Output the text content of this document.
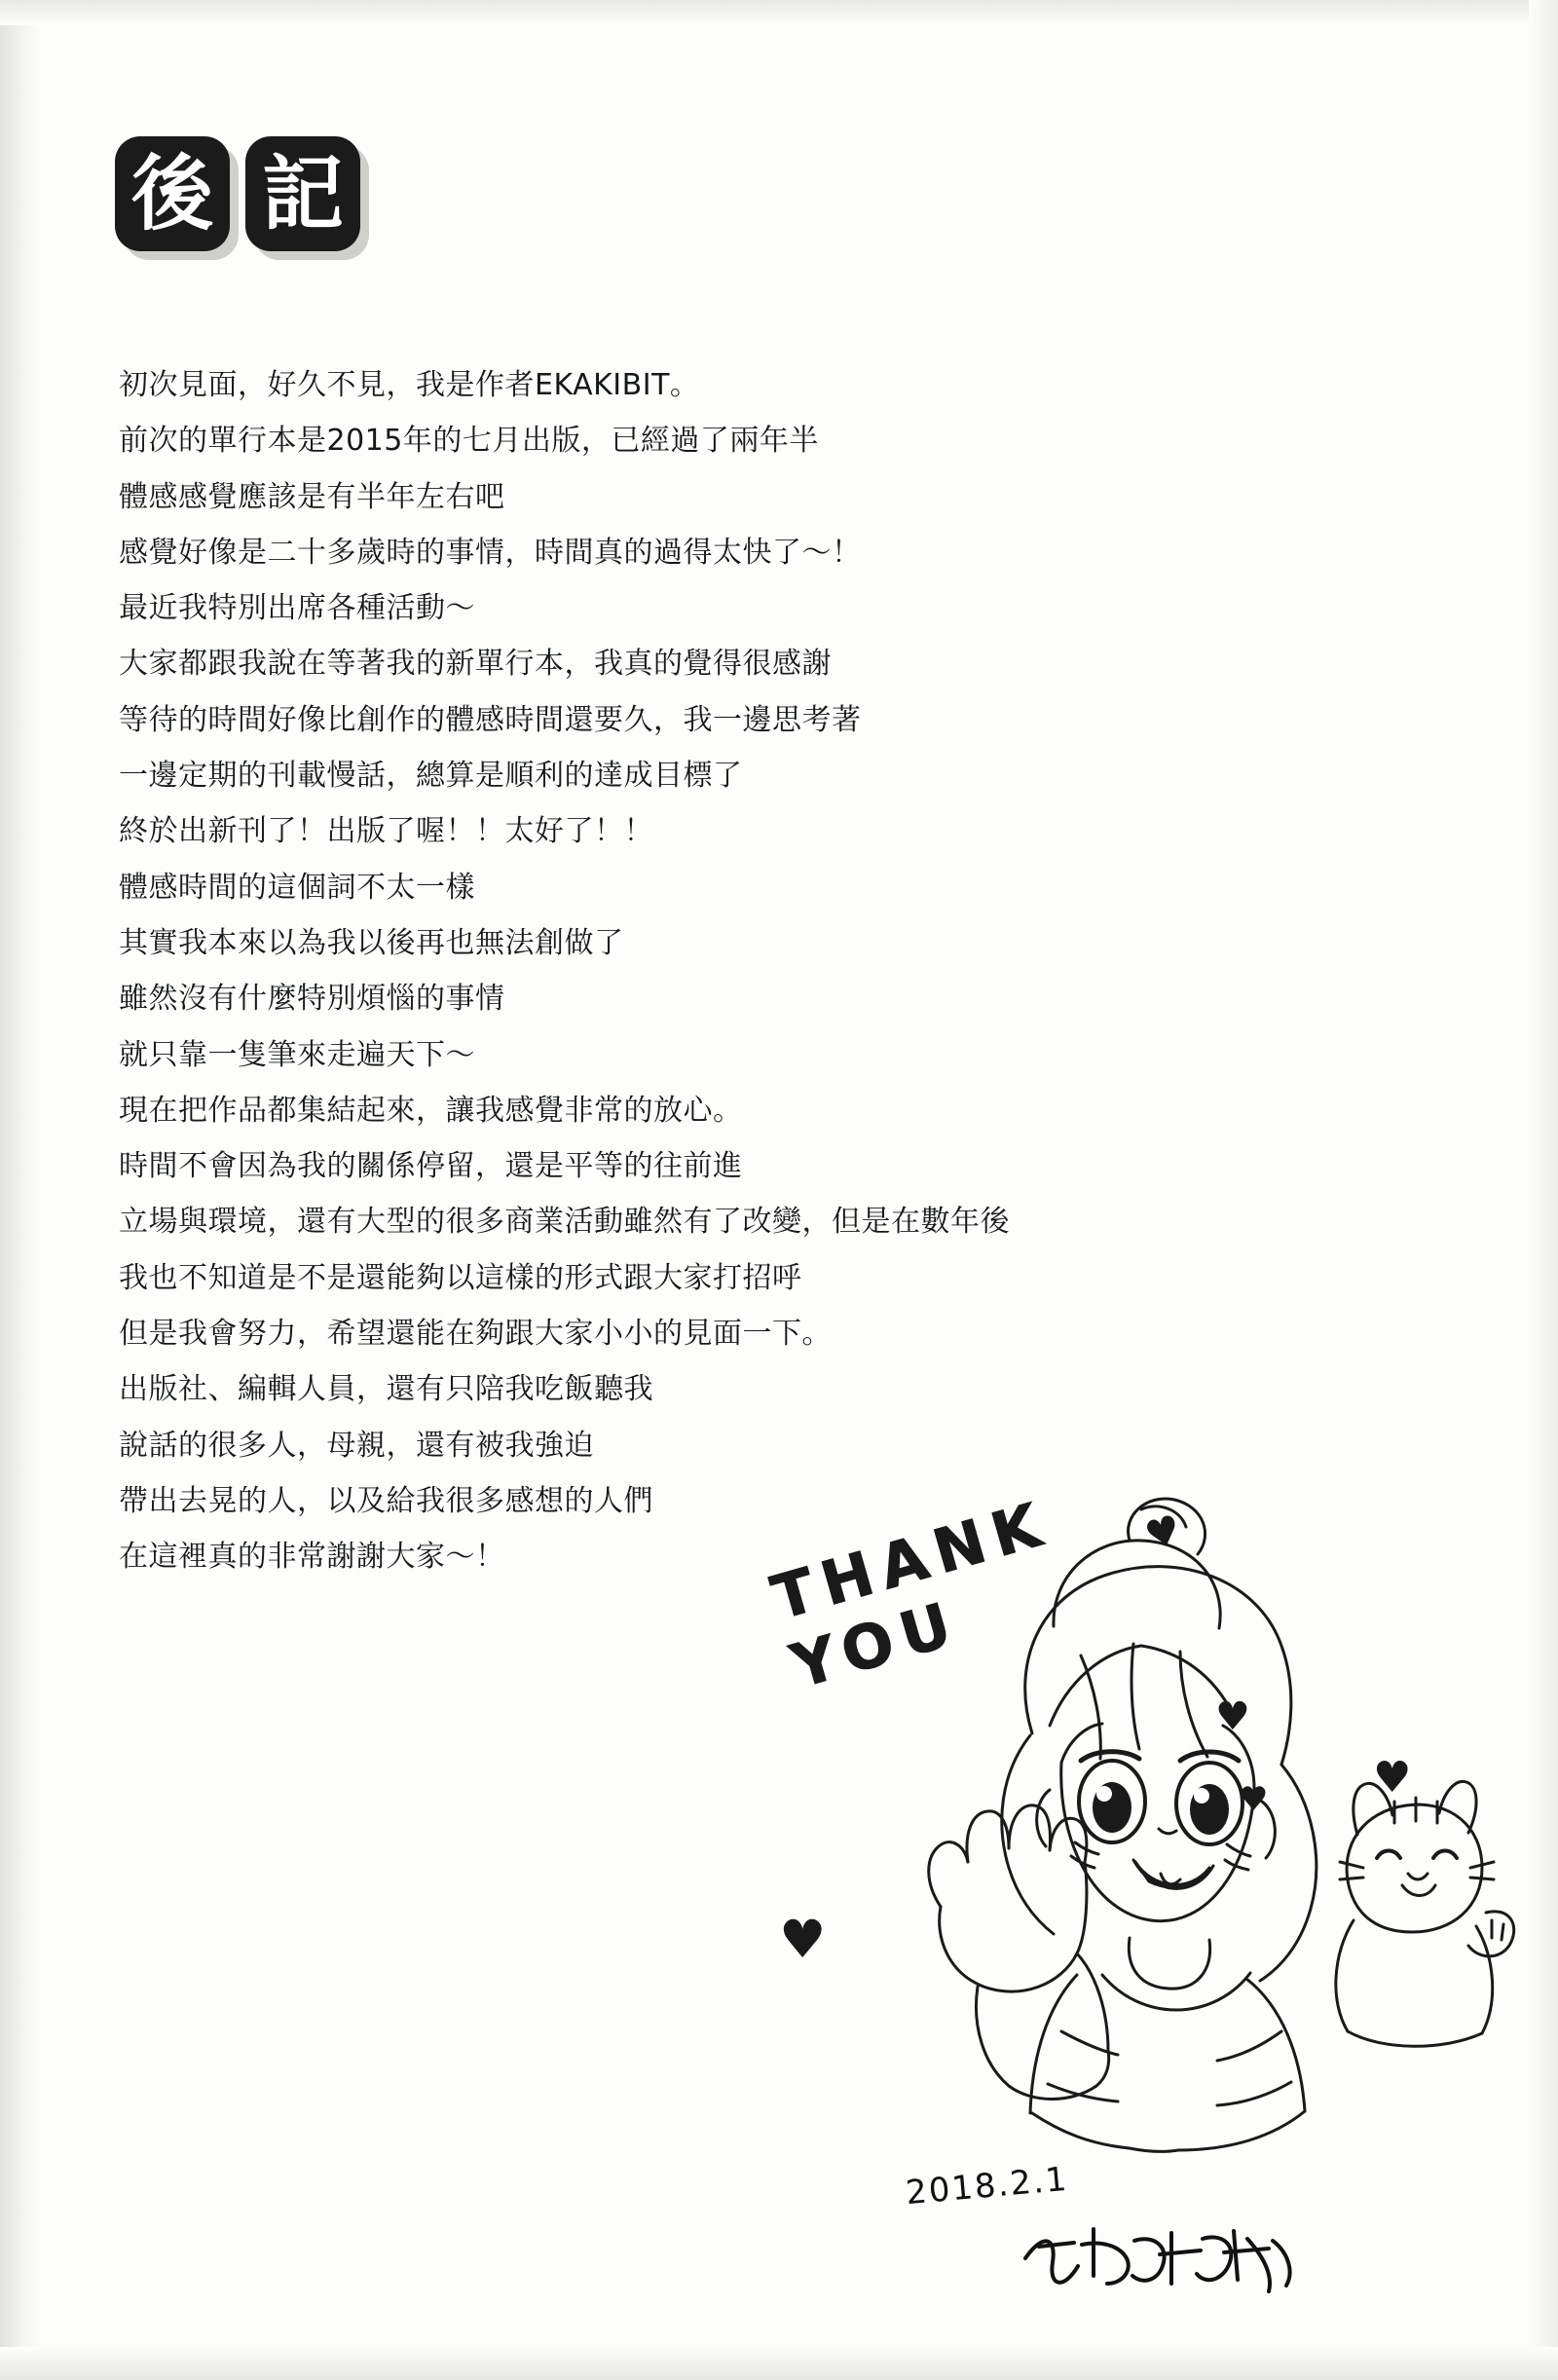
後 記

初次見面，好久不見，我是作者EKAKIBIT。

前次的單行本是2015年的七月出版，已經過了兩年半

體感感覺應該是有半年左右吧

感覺好像是二十多歲時的事情，時間真的過得太快了～！

最近我特別出席各種活動～

大家都跟我說在等著我的新單行本，我真的覺得很感謝

等待的時間好像比創作的體感時間還要久，我一邊思考著

一邊定期的刊載慢話，總算是順利的達成目標了

終於出新刊了！出版了喔！！太好了！！

體感時間的這個詞不太一樣

其實我本來以為我以後再也無法創做了

雖然沒有什麼特別煩惱的事情

就只靠一隻筆來走遍天下～

現在把作品都集結起來，讓我感覺非常的放心。

時間不會因為我的關係停留，還是平等的往前進

立場與環境，還有大型的很多商業活動雖然有了改變，但是在數年後

我也不知道是不是還能夠以這樣的形式跟大家打招呼

但是我會努力，希望還能在夠跟大家小小的見面一下。

出版社、編輯人員，還有只陪我吃飯聽我

說話的很多人，母親，還有被我強迫

帶出去晃的人，以及給我很多感想的人們

在這裡真的非常謝謝大家～！	THANK YOU
♥
♥
♥
♥ ♥
2018.2.1
